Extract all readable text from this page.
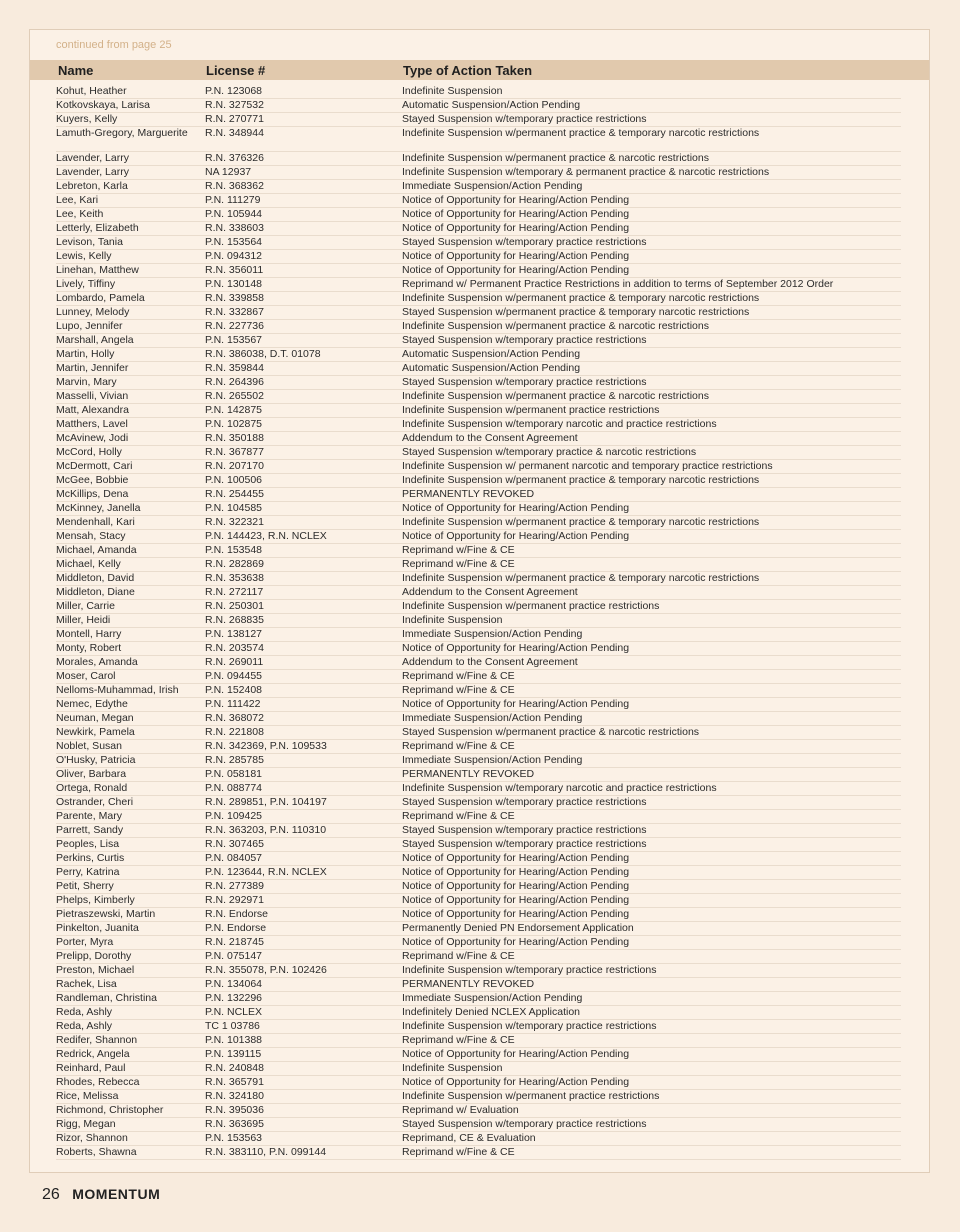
continued from page 25
Name	License #	Type of Action Taken
Kohut, Heather	P.N. 123068	Indefinite Suspension
Kotkovskaya, Larisa	R.N. 327532	Automatic Suspension/Action Pending
Kuyers, Kelly	R.N. 270771	Stayed Suspension w/temporary practice restrictions
Lamuth-Gregory, Marguerite	R.N. 348944	Indefinite Suspension w/permanent practice & temporary narcotic restrictions
Lavender, Larry	R.N. 376326	Indefinite Suspension w/permanent practice & narcotic restrictions
Lavender, Larry	NA 12937	Indefinite Suspension w/temporary & permanent practice & narcotic restrictions
Lebreton, Karla	R.N. 368362	Immediate Suspension/Action Pending
Lee, Kari	P.N. 111279	Notice of Opportunity for Hearing/Action Pending
Lee, Keith	P.N. 105944	Notice of Opportunity for Hearing/Action Pending
Letterly, Elizabeth	R.N. 338603	Notice of Opportunity for Hearing/Action Pending
Levison, Tania	P.N. 153564	Stayed Suspension w/temporary practice restrictions
Lewis, Kelly	P.N. 094312	Notice of Opportunity for Hearing/Action Pending
Linehan, Matthew	R.N. 356011	Notice of Opportunity for Hearing/Action Pending
Lively, Tiffiny	P.N. 130148	Reprimand w/ Permanent Practice Restrictions in addition to terms of September 2012 Order
Lombardo, Pamela	R.N. 339858	Indefinite Suspension w/permanent practice & temporary narcotic restrictions
Lunney, Melody	R.N. 332867	Stayed Suspension w/permanent practice & temporary narcotic restrictions
Lupo, Jennifer	R.N. 227736	Indefinite Suspension w/permanent practice & narcotic restrictions
Marshall, Angela	P.N. 153567	Stayed Suspension w/temporary practice restrictions
Martin, Holly	R.N. 386038, D.T. 01078	Automatic Suspension/Action Pending
Martin, Jennifer	R.N. 359844	Automatic Suspension/Action Pending
Marvin, Mary	R.N. 264396	Stayed Suspension w/temporary practice restrictions
Masselli, Vivian	R.N. 265502	Indefinite Suspension w/permanent practice & narcotic restrictions
Matt, Alexandra	P.N. 142875	Indefinite Suspension w/permanent practice restrictions
Matthers, Lavel	P.N. 102875	Indefinite Suspension w/temporary narcotic and practice restrictions
McAvinew, Jodi	R.N. 350188	Addendum to the Consent Agreement
McCord, Holly	R.N. 367877	Stayed Suspension w/temporary practice & narcotic restrictions
McDermott, Cari	R.N. 207170	Indefinite Suspension w/ permanent narcotic and temporary practice restrictions
McGee, Bobbie	P.N. 100506	Indefinite Suspension w/permanent practice & temporary narcotic restrictions
McKillips, Dena	R.N. 254455	PERMANENTLY REVOKED
McKinney, Janella	P.N. 104585	Notice of Opportunity for Hearing/Action Pending
Mendenhall, Kari	R.N. 322321	Indefinite Suspension w/permanent practice & temporary narcotic restrictions
Mensah, Stacy	P.N. 144423, R.N. NCLEX	Notice of Opportunity for Hearing/Action Pending
Michael, Amanda	P.N. 153548	Reprimand w/Fine & CE
Michael, Kelly	R.N. 282869	Reprimand w/Fine & CE
Middleton, David	R.N. 353638	Indefinite Suspension w/permanent practice & temporary narcotic restrictions
Middleton, Diane	R.N. 272117	Addendum to the Consent Agreement
Miller, Carrie	R.N. 250301	Indefinite Suspension w/permanent practice restrictions
Miller, Heidi	R.N. 268835	Indefinite Suspension
Montell, Harry	P.N. 138127	Immediate Suspension/Action Pending
Monty, Robert	R.N. 203574	Notice of Opportunity for Hearing/Action Pending
Morales, Amanda	R.N. 269011	Addendum to the Consent Agreement
Moser, Carol	P.N. 094455	Reprimand w/Fine & CE
Nelloms-Muhammad, Irish	P.N. 152408	Reprimand w/Fine & CE
Nemec, Edythe	P.N. 111422	Notice of Opportunity for Hearing/Action Pending
Neuman, Megan	R.N. 368072	Immediate Suspension/Action Pending
Newkirk, Pamela	R.N. 221808	Stayed Suspension w/permanent practice & narcotic restrictions
Noblet, Susan	R.N. 342369, P.N. 109533	Reprimand w/Fine & CE
O'Husky, Patricia	R.N. 285785	Immediate Suspension/Action Pending
Oliver, Barbara	P.N. 058181	PERMANENTLY REVOKED
Ortega, Ronald	P.N. 088774	Indefinite Suspension w/temporary narcotic and practice restrictions
Ostrander, Cheri	R.N. 289851, P.N. 104197	Stayed Suspension w/temporary practice restrictions
Parente, Mary	P.N. 109425	Reprimand w/Fine & CE
Parrett, Sandy	R.N. 363203, P.N. 110310	Stayed Suspension w/temporary practice restrictions
Peoples, Lisa	R.N. 307465	Stayed Suspension w/temporary practice restrictions
Perkins, Curtis	P.N. 084057	Notice of Opportunity for Hearing/Action Pending
Perry, Katrina	P.N. 123644, R.N. NCLEX	Notice of Opportunity for Hearing/Action Pending
Petit, Sherry	R.N. 277389	Notice of Opportunity for Hearing/Action Pending
Phelps, Kimberly	R.N. 292971	Notice of Opportunity for Hearing/Action Pending
Pietraszewski, Martin	R.N. Endorse	Notice of Opportunity for Hearing/Action Pending
Pinkelton, Juanita	P.N. Endorse	Permanently Denied PN Endorsement Application
Porter, Myra	R.N. 218745	Notice of Opportunity for Hearing/Action Pending
Prelipp, Dorothy	P.N. 075147	Reprimand w/Fine & CE
Preston, Michael	R.N. 355078, P.N. 102426	Indefinite Suspension w/temporary practice restrictions
Rachek, Lisa	P.N. 134064	PERMANENTLY REVOKED
Randleman, Christina	P.N. 132296	Immediate Suspension/Action Pending
Reda, Ashly	P.N. NCLEX	Indefinitely Denied NCLEX Application
Reda, Ashly	TC 1 03786	Indefinite Suspension w/temporary practice restrictions
Redifer, Shannon	P.N. 101388	Reprimand w/Fine & CE
Redrick, Angela	P.N. 139115	Notice of Opportunity for Hearing/Action Pending
Reinhard, Paul	R.N. 240848	Indefinite Suspension
Rhodes, Rebecca	R.N. 365791	Notice of Opportunity for Hearing/Action Pending
Rice, Melissa	R.N. 324180	Indefinite Suspension w/permanent practice restrictions
Richmond, Christopher	R.N. 395036	Reprimand w/ Evaluation
Rigg, Megan	R.N. 363695	Stayed Suspension w/temporary practice restrictions
Rizor, Shannon	P.N. 153563	Reprimand, CE & Evaluation
Roberts, Shawna	R.N. 383110, P.N. 099144	Reprimand w/Fine & CE
26 MOMENTUM
